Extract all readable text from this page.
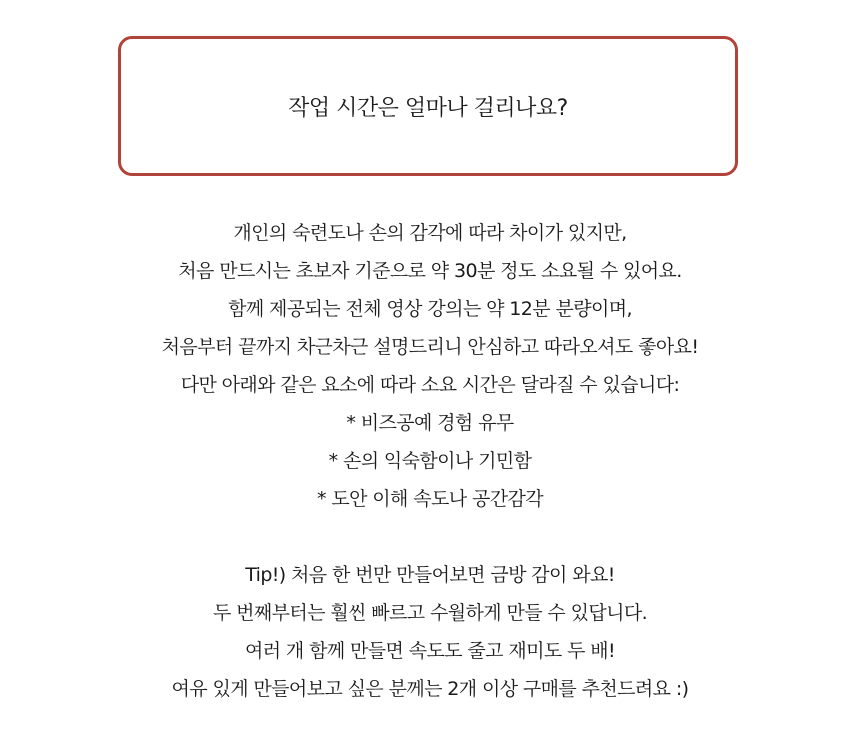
작업 시간은 얼마나 걸리나요?
개인의 숙련도나 손의 감각에 따라 차이가 있지만,
처음 만드시는 초보자 기준으로 약 30분 정도 소요될 수 있어요.
함께 제공되는 전체 영상 강의는 약 12분 분량이며,
처음부터 끝까지 차근차근 설명드리니 안심하고 따라오셔도 좋아요!
다만 아래와 같은 요소에 따라 소요 시간은 달라질 수 있습니다:
* 비즈공예 경험 유무
* 손의 익숙함이나 기민함
* 도안 이해 속도나 공간감각
Tip!) 처음 한 번만 만들어보면 금방 감이 와요!
두 번째부터는 훨씬 빠르고 수월하게 만들 수 있답니다.
여러 개 함께 만들면 속도도 줄고 재미도 두 배!
여유 있게 만들어보고 싶은 분께는 2개 이상 구매를 추천드려요 :)
